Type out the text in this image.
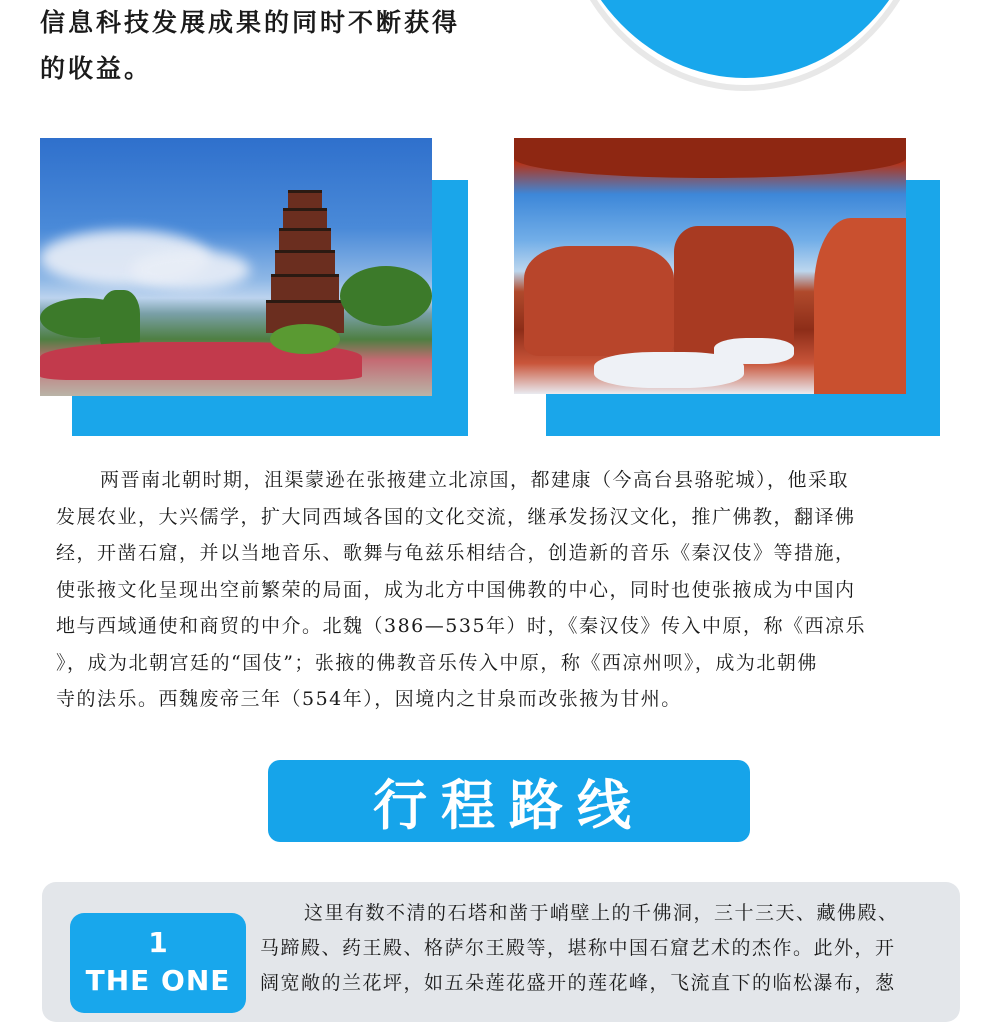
信息科技发展成果的同时不断获得
的收益。
两晋南北朝时期，沮渠蒙逊在张掖建立北凉国，都建康（今高台县骆驼城），他采取
发展农业，大兴儒学，扩大同西域各国的文化交流，继承发扬汉文化，推广佛教，翻译佛
经，开凿石窟，并以当地音乐、歌舞与龟兹乐相结合，创造新的音乐《秦汉伎》等措施，
使张掖文化呈现出空前繁荣的局面，成为北方中国佛教的中心，同时也使张掖成为中国内
地与西域通使和商贸的中介。北魏（386—535年）时，《秦汉伎》传入中原，称《西凉乐
》，成为北朝宫廷的“国伎”；张掖的佛教音乐传入中原，称《西凉州呗》，成为北朝佛
寺的法乐。西魏废帝三年（554年），因境内之甘泉而改张掖为甘州。
行程路线
1
THE ONE
这里有数不清的石塔和凿于峭壁上的千佛洞，三十三天、藏佛殿、
马蹄殿、药王殿、格萨尔王殿等，堪称中国石窟艺术的杰作。此外，开
阔宽敞的兰花坪，如五朵莲花盛开的莲花峰，飞流直下的临松瀑布，葱
